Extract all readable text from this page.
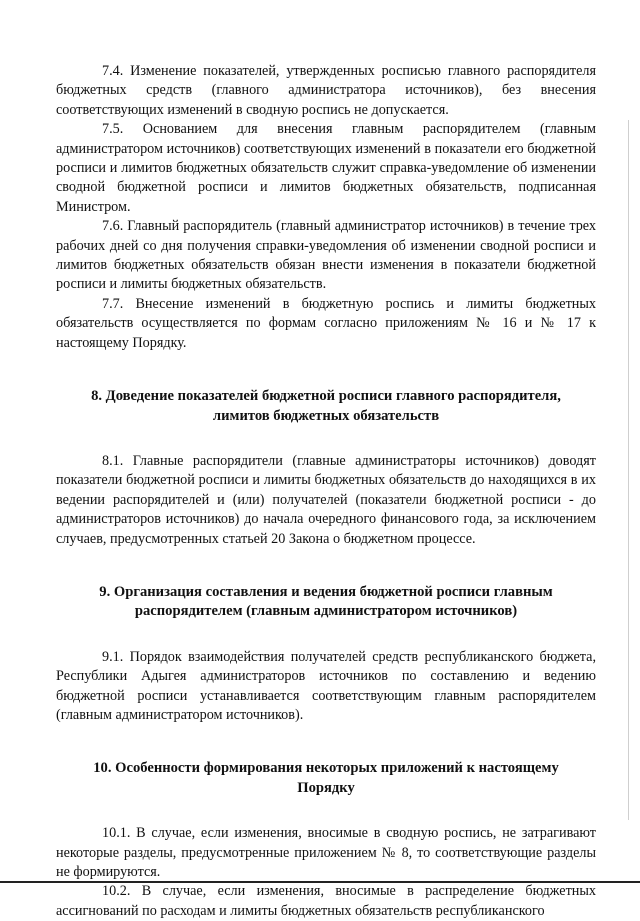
7.4. Изменение показателей, утвержденных росписью главного распорядителя бюджетных средств (главного администратора источников), без внесения соответствующих изменений в сводную роспись не допускается.

7.5. Основанием для внесения главным распорядителем (главным администратором источников) соответствующих изменений в показатели его бюджетной росписи и лимитов бюджетных обязательств служит справка-уведомление об изменении сводной бюджетной росписи и лимитов бюджетных обязательств, подписанная Министром.

7.6. Главный распорядитель (главный администратор источников) в течение трех рабочих дней со дня получения справки-уведомления об изменении сводной росписи и лимитов бюджетных обязательств обязан внести изменения в показатели бюджетной росписи и лимиты бюджетных обязательств.

7.7. Внесение изменений в бюджетную роспись и лимиты бюджетных обязательств осуществляется по формам согласно приложениям № 16 и № 17 к настоящему Порядку.

8. Доведение показателей бюджетной росписи главного распорядителя, лимитов бюджетных обязательств

8.1. Главные распорядители (главные администраторы источников) доводят показатели бюджетной росписи и лимиты бюджетных обязательств до находящихся в их ведении распорядителей и (или) получателей (показатели бюджетной росписи - до администраторов источников) до начала очередного финансового года, за исключением случаев, предусмотренных статьей 20 Закона о бюджетном процессе.

9. Организация составления и ведения бюджетной росписи главным распорядителем (главным администратором источников)

9.1. Порядок взаимодействия получателей средств республиканского бюджета, Республики Адыгея администраторов источников по составлению и ведению бюджетной росписи устанавливается соответствующим главным распорядителем (главным администратором источников).

10. Особенности формирования некоторых приложений к настоящему Порядку

10.1. В случае, если изменения, вносимые в сводную роспись, не затрагивают некоторые разделы, предусмотренные приложением № 8, то соответствующие разделы не формируются.

10.2. В случае, если изменения, вносимые в распределение бюджетных ассигнований по расходам и лимиты бюджетных обязательств республиканского
